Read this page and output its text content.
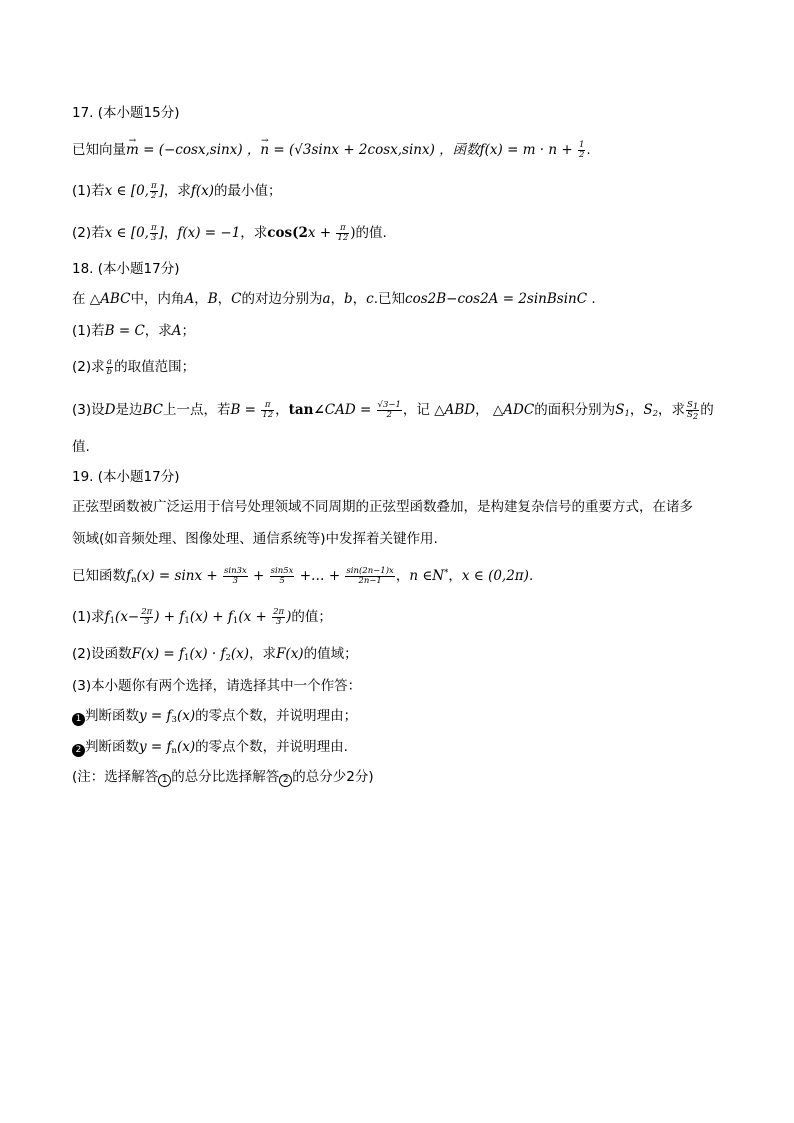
17. (本小题15分)
已知向量→ m = (−cosx,sinx) ，→ n = (√3sinx + 2cosx,sinx) ，函数$f(x) = m \cdot n + \frac{1}{2}$ .
(1)若x ∈ [0, $\frac{\pi}{2}$ ]，求f(x)的最小值；
(2)若x ∈ [0, $\frac{\pi}{3}$ ]，f(x) = −1，求$\cos(2x + \frac{\pi}{12}$ )的值.
18. (本小题17分)
在 △ABC中，内角A，B，C的对边分别为a，b，c.已知cos2B−cos2A = 2sinBsinC .
(1)若B = C，求A；
(2)求 $\frac{a}{b}$ 的取值范围；
(3)设D是边BC上一点，若$B = \frac{\pi}{12}$ ，tan∠CAD = $\frac{√3-1}{2}$ ，记 △ABD， △ADC的面积分别为$S_1$，$S_2$，求 $\frac{S_1}{S_2}$ 的
值.
19. (本小题17分)
正弦型函数被广泛运用于信号处理领域不同周期的正弦型函数叠加，是构建复杂信号的重要方式，在诸多
领域(如音频处理、图像处理、通信系统等)中发挥着关键作用.
已知函数$f_n(x) = \sin x + \frac{\sin 3x}{3} + \frac{\sin 5x}{5}$ +… + $\frac{\sin(2n-1)x}{2n-1}$ ，n ∈N*，x ∈ (0,2π).
(1)求$f_1(x- \frac{2\pi}{3}$ ) + $f_1(x) + f_1(x + \frac{2\pi}{3}$ )的值；
(2)设函数$F(x) = f_1(x) \cdot f_2(x)$，求F(x)的值域；
(3)本小题你有两个选择，请选择其中一个作答：
1 判断函数$y = f_3(x)$的零点个数，并说明理由；
2 判断函数$y = f_n(x)$的零点个数，并说明理由.
(注：选择解答 1 的总分比选择解答 2 的总分少2分)
